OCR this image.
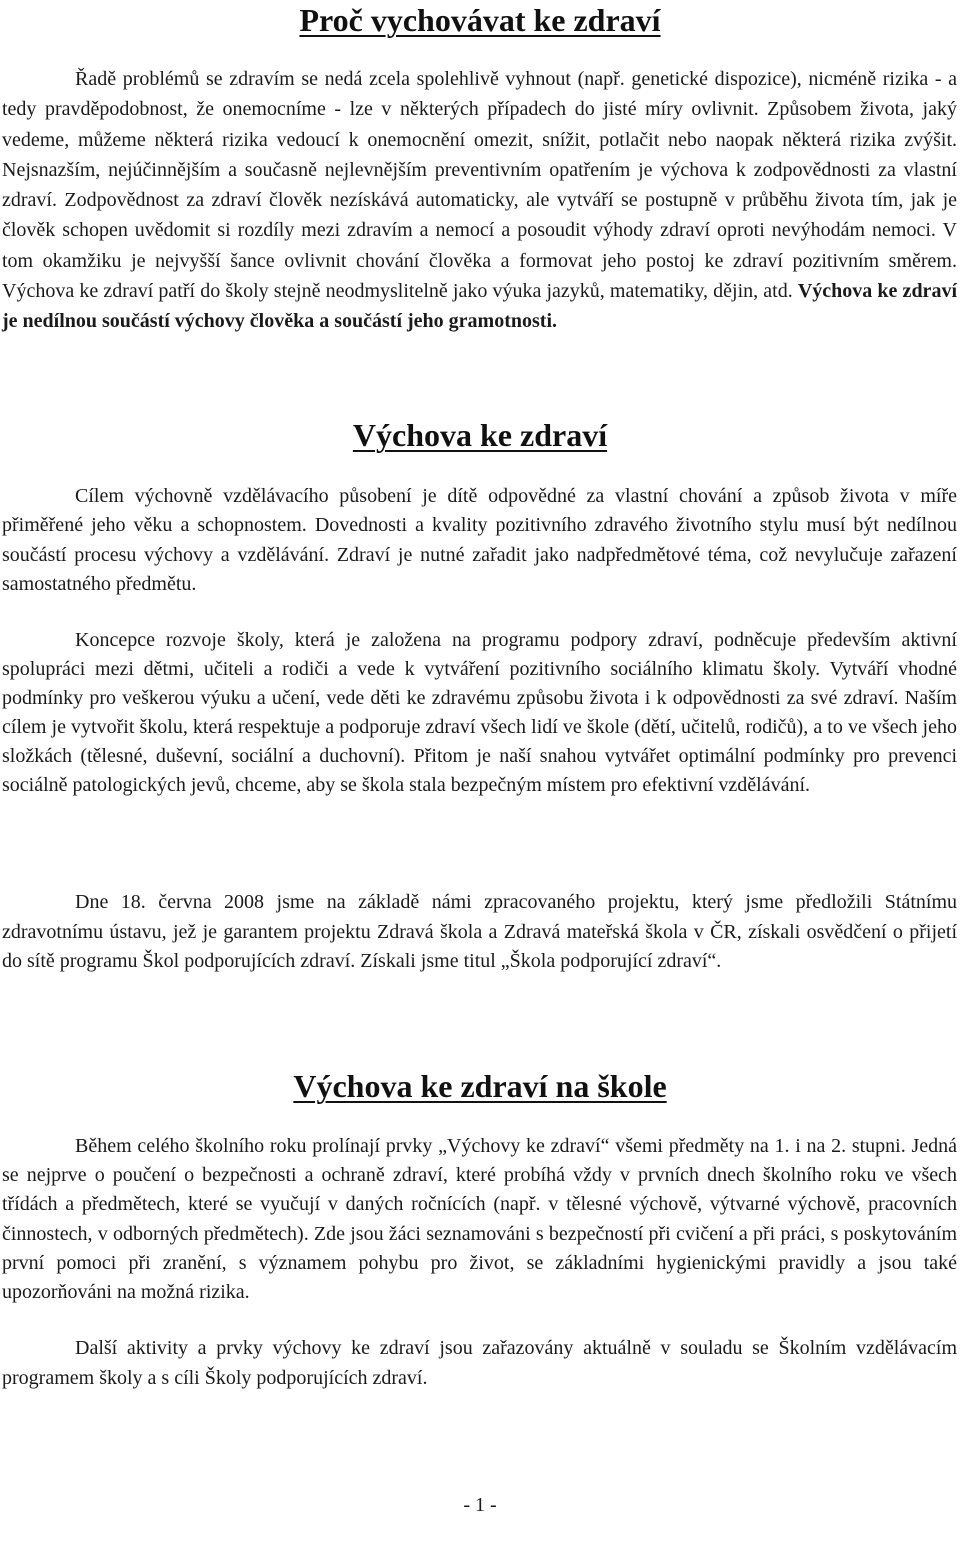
Proč vychovávat ke zdraví

Řadě problémů se zdravím se nedá zcela spolehlivě vyhnout (např. genetické dispozice), nicméně rizika - a tedy pravděpodobnost, že onemocníme - lze v některých případech do jisté míry ovlivnit. Způsobem života, jaký vedeme, můžeme některá rizika vedoucí k onemocnění omezit, snížit, potlačit nebo naopak některá rizika zvýšit. Nejsnazším, nejúčinnějším a současně nejlevnějším preventivním opatřením je výchova k zodpovědnosti za vlastní zdraví. Zodpovědnost za zdraví člověk nezískává automaticky, ale vytváří se postupně v průběhu života tím, jak je člověk schopen uvědomit si rozdíly mezi zdravím a nemocí a posoudit výhody zdraví oproti nevýhodám nemoci. V tom okamžiku je nejvyšší šance ovlivnit chování člověka a formovat jeho postoj ke zdraví pozitivním směrem. Výchova ke zdraví patří do školy stejně neodmyslitelně jako výuka jazyků, matematiky, dějin, atd. Výchova ke zdraví je nedílnou součástí výchovy člověka a součástí jeho gramotnosti.

Výchova ke zdraví

Cílem výchovně vzdělávacího působení je dítě odpovědné za vlastní chování a způsob života v míře přiměřené jeho věku a schopnostem. Dovednosti a kvality pozitivního zdravého životního stylu musí být nedílnou součástí procesu výchovy a vzdělávání. Zdraví je nutné zařadit jako nadpředmětové téma, což nevylučuje zařazení samostatného předmětu.

Koncepce rozvoje školy, která je založena na programu podpory zdraví, podněcuje především aktivní spolupráci mezi dětmi, učiteli a rodiči a vede k vytváření pozitivního sociálního klimatu školy. Vytváří vhodné podmínky pro veškerou výuku a učení, vede děti ke zdravému způsobu života i k odpovědnosti za své zdraví. Naším cílem je vytvořit školu, která respektuje a podporuje zdraví všech lidí ve škole (dětí, učitelů, rodičů), a to ve všech jeho složkách (tělesné, duševní, sociální a duchovní). Přitom je naší snahou vytvářet optimální podmínky pro prevenci sociálně patologických jevů, chceme, aby se škola stala bezpečným místem pro efektivní vzdělávání.

Dne 18. června 2008 jsme na základě námi zpracovaného projektu, který jsme předložili Státnímu zdravotnímu ústavu, jež je garantem projektu Zdravá škola a Zdravá mateřská škola v ČR, získali osvědčení o přijetí do sítě programu Škol podporujících zdraví. Získali jsme titul „Škola podporující zdraví“.

Výchova ke zdraví na škole

Během celého školního roku prolínají prvky „Výchovy ke zdraví“ všemi předměty na 1. i na 2. stupni. Jedná se nejprve o poučení o bezpečnosti a ochraně zdraví, které probíhá vždy v prvních dnech školního roku ve všech třídách a předmětech, které se vyučují v daných ročnících (např. v tělesné výchově, výtvarné výchově, pracovních činnostech, v odborných předmětech). Zde jsou žáci seznamováni s bezpečností při cvičení a při práci, s poskytováním první pomoci při zranění, s významem pohybu pro život, se základními hygienickými pravidly a jsou také upozorňováni na možná rizika.

Další aktivity a prvky výchovy ke zdraví jsou zařazovány aktuálně v souladu se Školním vzdělávacím programem školy a s cíli Školy podporujících zdraví.

- 1 -
